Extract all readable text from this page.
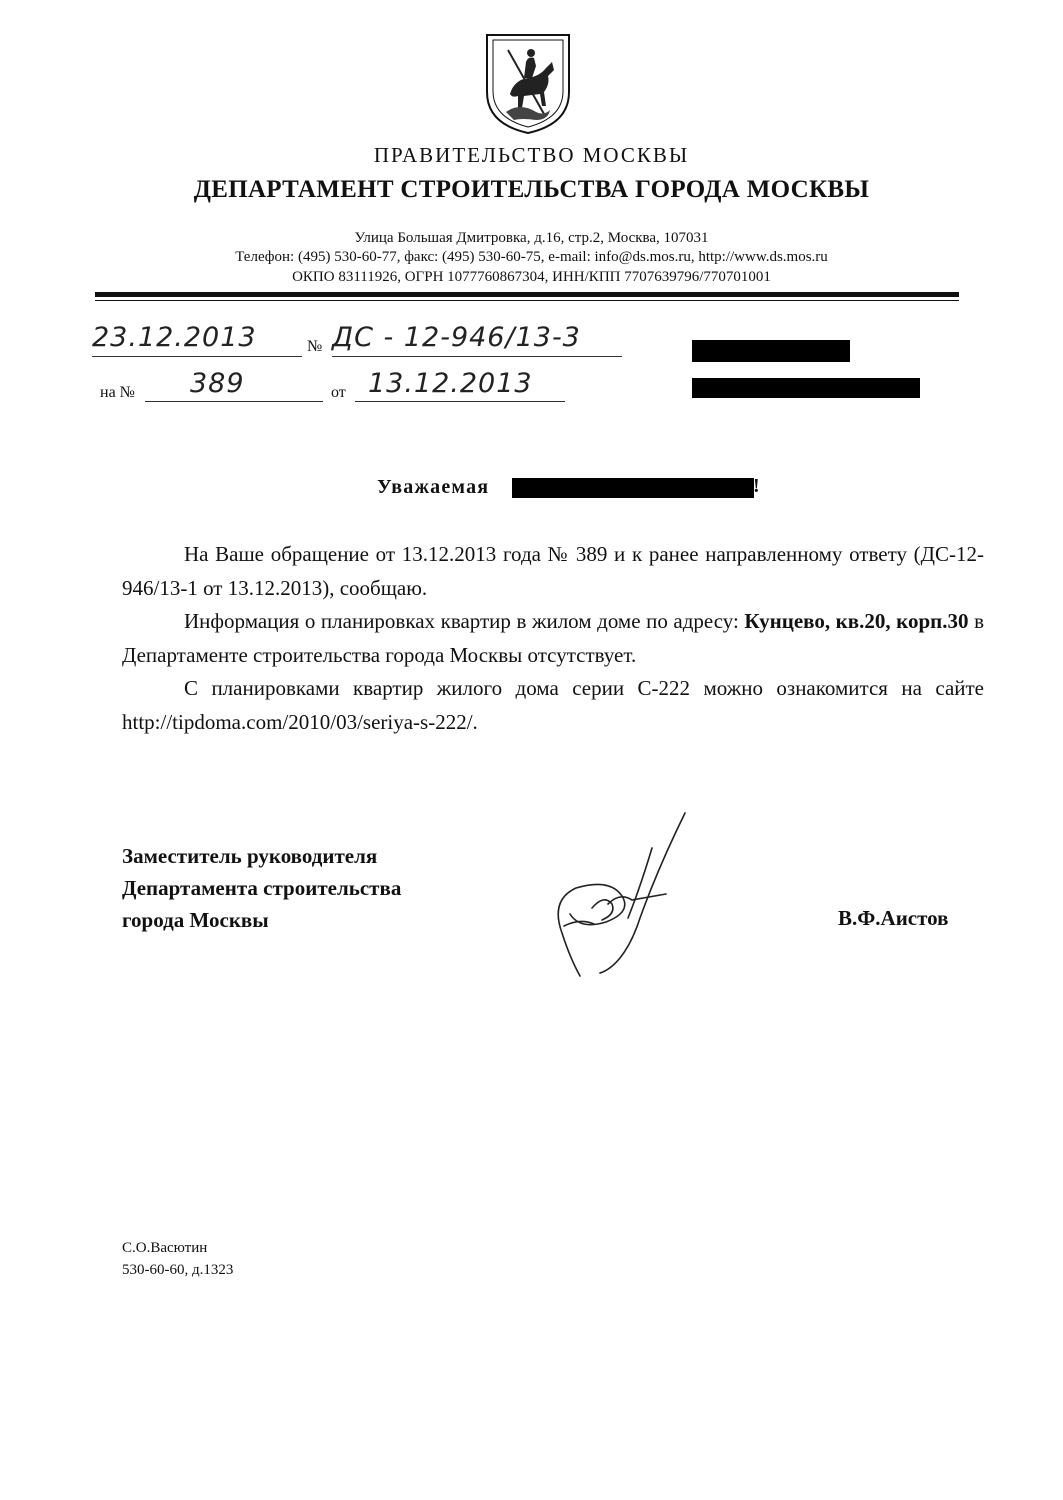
ПРАВИТЕЛЬСТВО МОСКВЫ
ДЕПАРТАМЕНТ СТРОИТЕЛЬСТВА ГОРОДА МОСКВЫ
Улица Большая Дмитровка, д.16, стр.2, Москва, 107031
Телефон: (495) 530-60-77, факс: (495) 530-60-75, e-mail: info@ds.mos.ru, http://www.ds.mos.ru
ОКПО 83111926, ОГРН 1077760867304, ИНН/КПП 7707639796/770701001
23.12.2013	№ ДС - 12-946/13-3
на № 389	от 13.12.2013
Уважаемая	!
На Ваше обращение от 13.12.2013 года № 389 и к ранее направленному ответу (ДС-12-946/13-1 от 13.12.2013), сообщаю.
Информация о планировках квартир в жилом доме по адресу: Кунцево, кв.20, корп.30 в Департаменте строительства города Москвы отсутствует.
С планировками квартир жилого дома серии С-222 можно ознакомится на сайте http://tipdoma.com/2010/03/seriya-s-222/.
Заместитель руководителя
Департамента строительства
города Москвы	В.Ф.Аистов
С.О.Васютин
530-60-60, д.1323
